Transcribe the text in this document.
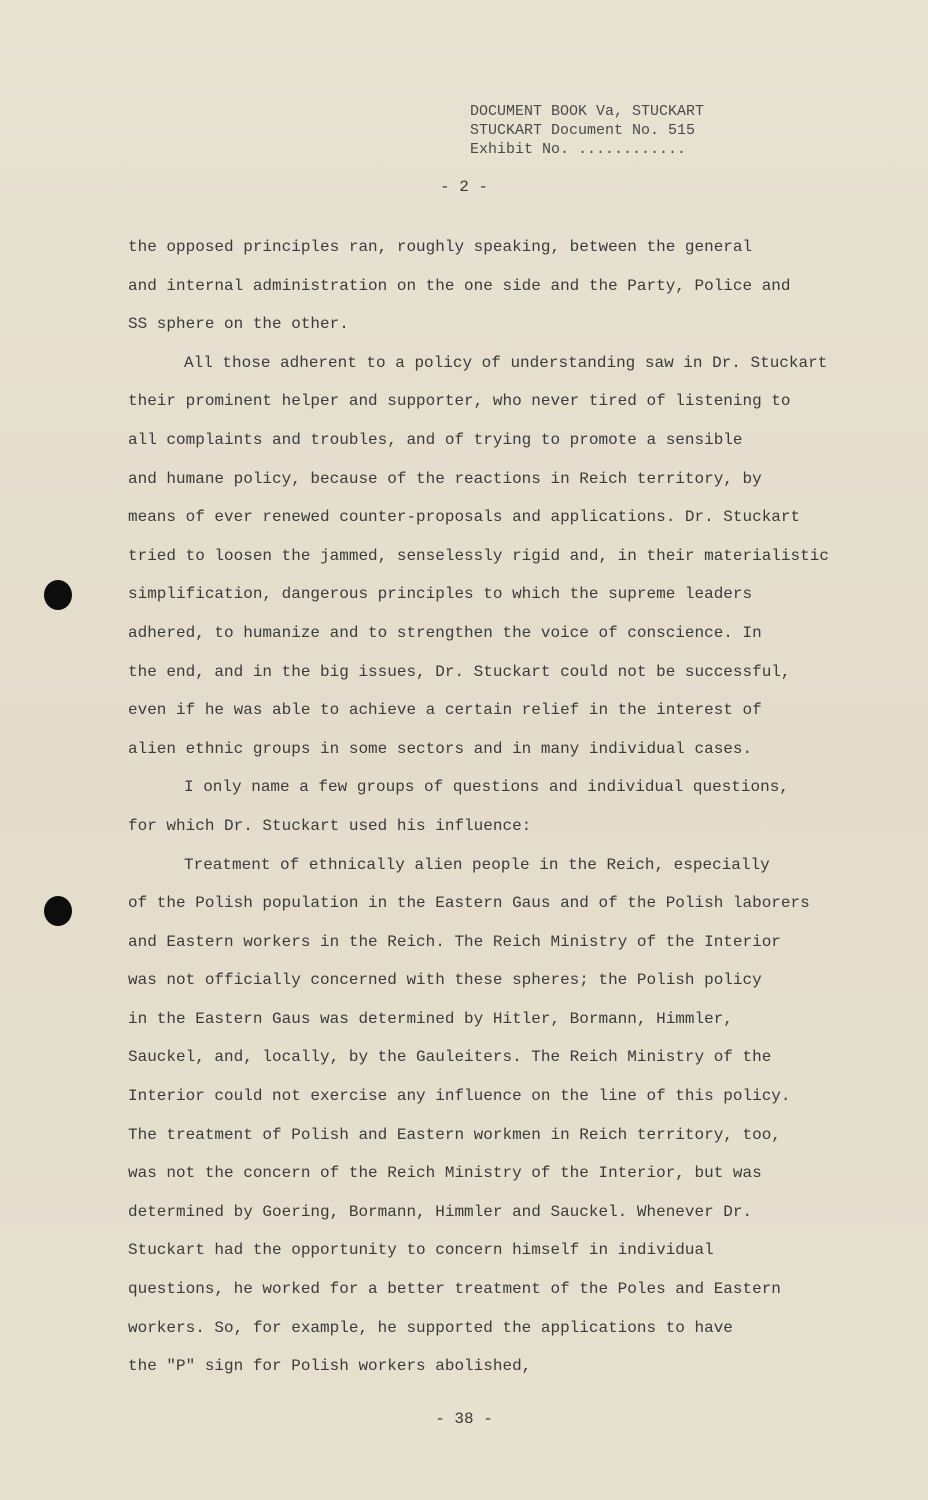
DOCUMENT BOOK Va, STUCKART
STUCKART Document No. 515
Exhibit No. ............
- 2 -
the opposed principles ran, roughly speaking, between the general
and internal administration on the one side and the Party, Police and
SS sphere on the other.
All those adherent to a policy of understanding saw in Dr. Stuckart
their prominent helper and supporter, who never tired of listening to
all complaints and troubles, and of trying to promote a sensible
and humane policy, because of the reactions in Reich territory, by
means of ever renewed counter-proposals and applications. Dr. Stuckart
tried to loosen the jammed, senselessly rigid and, in their materialistic
simplification, dangerous principles to which the supreme leaders
adhered, to humanize and to strengthen the voice of conscience. In
the end, and in the big issues, Dr. Stuckart could not be successful,
even if he was able to achieve a certain relief in the interest of
alien ethnic groups in some sectors and in many individual cases.
I only name a few groups of questions and individual questions,
for which Dr. Stuckart used his influence:
Treatment of ethnically alien people in the Reich, especially
of the Polish population in the Eastern Gaus and of the Polish laborers
and Eastern workers in the Reich. The Reich Ministry of the Interior
was not officially concerned with these spheres; the Polish policy
in the Eastern Gaus was determined by Hitler, Bormann, Himmler,
Sauckel, and, locally, by the Gauleiters. The Reich Ministry of the
Interior could not exercise any influence on the line of this policy.
The treatment of Polish and Eastern workmen in Reich territory, too,
was not the concern of the Reich Ministry of the Interior, but was
determined by Goering, Bormann, Himmler and Sauckel. Whenever Dr.
Stuckart had the opportunity to concern himself in individual
questions, he worked for a better treatment of the Poles and Eastern
workers. So, for example, he supported the applications to have
the "P" sign for Polish workers abolished,
- 38 -
